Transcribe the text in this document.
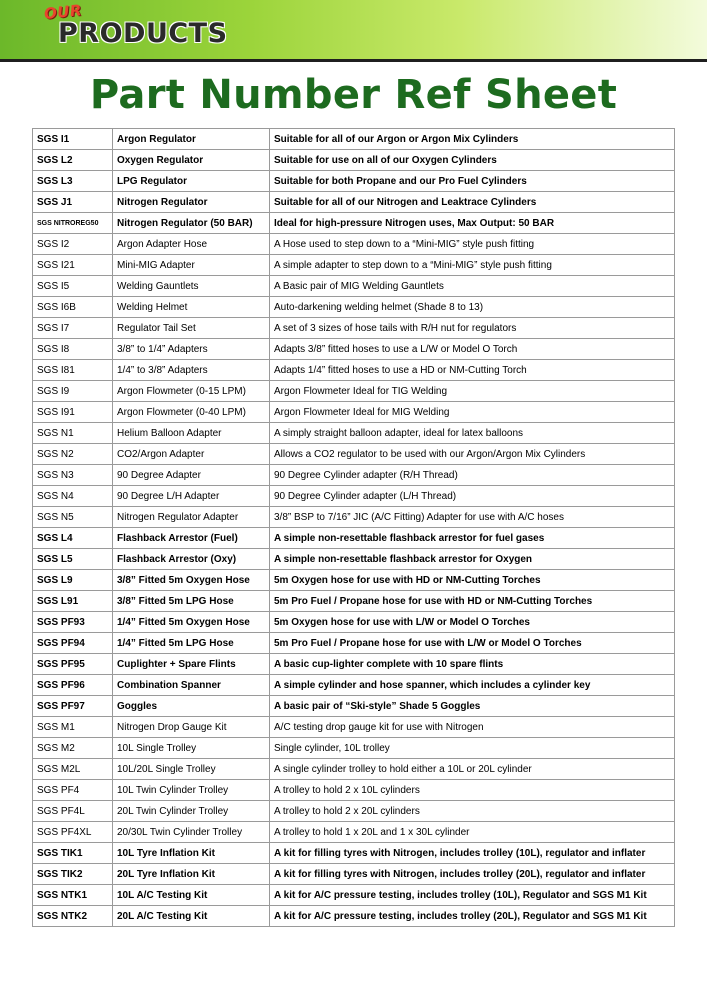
OUR
PRODUCTS
Part Number Ref Sheet
SGS I1	Argon Regulator	Suitable for all of our Argon or Argon Mix Cylinders
SGS L2	Oxygen Regulator	Suitable for use on all of our Oxygen Cylinders
SGS L3	LPG Regulator	Suitable for both Propane and our Pro Fuel Cylinders
SGS J1	Nitrogen Regulator	Suitable for all of our Nitrogen and Leaktrace Cylinders
SGS NITROREG50	Nitrogen Regulator (50 BAR)	Ideal for high-pressure Nitrogen uses, Max Output: 50 BAR
SGS I2	Argon Adapter Hose	A Hose used to step down to a “Mini-MIG” style push fitting
SGS I21	Mini-MIG Adapter	A simple adapter to step down to a “Mini-MIG” style push fitting
SGS I5	Welding Gauntlets	A Basic pair of MIG Welding Gauntlets
SGS I6B	Welding Helmet	Auto-darkening welding helmet (Shade 8 to 13)
SGS I7	Regulator Tail Set	A set of 3 sizes of hose tails with R/H nut for regulators
SGS I8	3/8” to 1/4” Adapters	Adapts 3/8” fitted hoses to use a L/W or Model O Torch
SGS I81	1/4” to 3/8” Adapters	Adapts 1/4” fitted hoses to use a HD or NM-Cutting Torch
SGS I9	Argon Flowmeter (0-15 LPM)	Argon Flowmeter Ideal for TIG Welding
SGS I91	Argon Flowmeter (0-40 LPM)	Argon Flowmeter Ideal for MIG Welding
SGS N1	Helium Balloon Adapter	A simply straight balloon adapter, ideal for latex balloons
SGS N2	CO2/Argon Adapter	Allows a CO2 regulator to be used with our Argon/Argon Mix Cylinders
SGS N3	90 Degree Adapter	90 Degree Cylinder adapter (R/H Thread)
SGS N4	90 Degree L/H Adapter	90 Degree Cylinder adapter (L/H Thread)
SGS N5	Nitrogen Regulator Adapter	3/8” BSP to 7/16” JIC (A/C Fitting) Adapter for use with A/C hoses
SGS L4	Flashback Arrestor (Fuel)	A simple non-resettable flashback arrestor for fuel gases
SGS L5	Flashback Arrestor (Oxy)	A simple non-resettable flashback arrestor for Oxygen
SGS L9	3/8” Fitted 5m Oxygen Hose	5m Oxygen hose for use with HD or NM-Cutting Torches
SGS L91	3/8” Fitted 5m LPG Hose	5m Pro Fuel / Propane hose for use with HD or NM-Cutting Torches
SGS PF93	1/4” Fitted 5m Oxygen Hose	5m Oxygen hose for use with L/W or Model O Torches
SGS PF94	1/4” Fitted 5m LPG Hose	5m Pro Fuel / Propane hose for use with L/W or Model O Torches
SGS PF95	Cuplighter + Spare Flints	A basic cup-lighter complete with 10 spare flints
SGS PF96	Combination Spanner	A simple cylinder and hose spanner, which includes a cylinder key
SGS PF97	Goggles	A basic pair of “Ski-style” Shade 5 Goggles
SGS M1	Nitrogen Drop Gauge Kit	A/C testing drop gauge kit for use with Nitrogen
SGS M2	10L Single Trolley	Single cylinder, 10L trolley
SGS M2L	10L/20L Single Trolley	A single cylinder trolley to hold either a 10L or 20L cylinder
SGS PF4	10L Twin Cylinder Trolley	A trolley to hold 2 x 10L cylinders
SGS PF4L	20L Twin Cylinder Trolley	A trolley to hold 2 x 20L cylinders
SGS PF4XL	20/30L Twin Cylinder Trolley	A trolley to hold 1 x 20L and 1 x 30L cylinder
SGS TIK1	10L Tyre Inflation Kit	A kit for filling tyres with Nitrogen, includes trolley (10L), regulator and inflater
SGS TIK2	20L Tyre Inflation Kit	A kit for filling tyres with Nitrogen, includes trolley (20L), regulator and inflater
SGS NTK1	10L A/C Testing Kit	A kit for A/C pressure testing, includes trolley (10L), Regulator and SGS M1 Kit
SGS NTK2	20L A/C Testing Kit	A kit for A/C pressure testing, includes trolley (20L), Regulator and SGS M1 Kit
